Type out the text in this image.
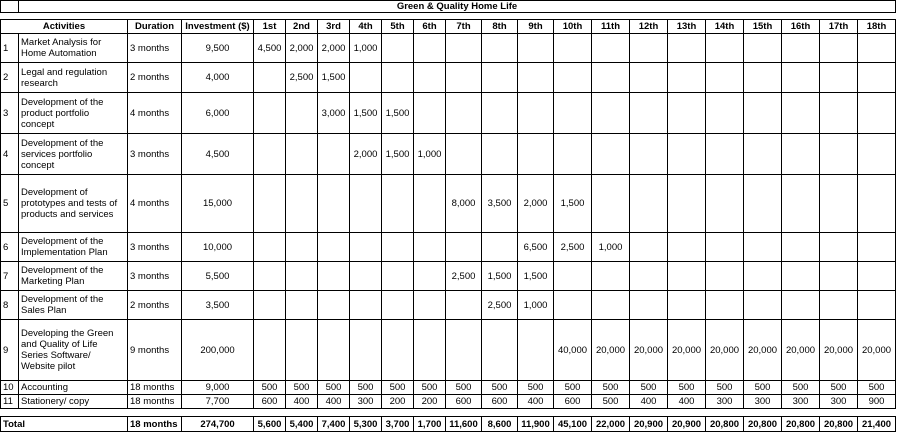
	Green & Quality Home Life																				

Activities		Duration	Investment ($)	1st	2nd	3rd	4th	5th	6th	7th	8th	9th	10th	11th	12th	13th	14th	15th	16th	17th	18th
1	Market Analysis for Home Automation	3 months	9,500	4,500	2,000	2,000	1,000														
2	Legal and regulation research	2 months	4,000		2,500	1,500															
3	Development of the product portfolio concept	4 months	6,000			3,000	1,500	1,500													
4	Development of the services portfolio concept	3 months	4,500				2,000	1,500	1,000												
5	Development of prototypes and tests of products and services	4 months	15,000							8,000	3,500	2,000	1,500								
6	Development of the Implementation Plan	3 months	10,000									6,500	2,500	1,000							
7	Development of the Marketing Plan	3 months	5,500							2,500	1,500	1,500									
8	Development of the Sales Plan	2 months	3,500								2,500	1,000									
9	Developing the Green and Quality of Life Series Software/ Website pilot	9 months	200,000										40,000	20,000	20,000	20,000	20,000	20,000	20,000	20,000	20,000
10	Accounting	18 months	9,000	500	500	500	500	500	500	500	500	500	500	500	500	500	500	500	500	500	500
11	Stationery/ copy	18 months	7,700	600	400	400	300	200	200	600	600	400	600	500	400	400	300	300	300	300	900

Total		18 months	274,700	5,600	5,400	7,400	5,300	3,700	1,700	11,600	8,600	11,900	45,100	22,000	20,900	20,900	20,800	20,800	20,800	20,800	21,400
